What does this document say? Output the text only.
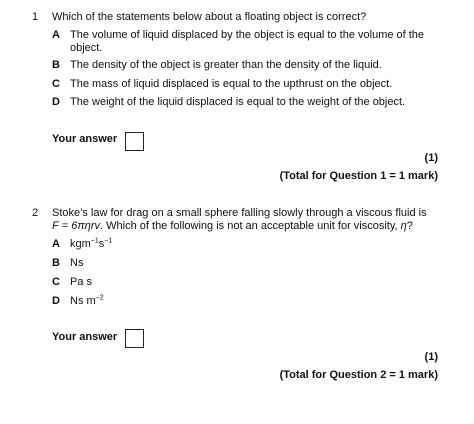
1 Which of the statements below about a floating object is correct?
A The volume of liquid displaced by the object is equal to the volume of the object.
B The density of the object is greater than the density of the liquid.
C The mass of liquid displaced is equal to the upthrust on the object.
D The weight of the liquid displaced is equal to the weight of the object.
Your answer
(1)
(Total for Question 1 = 1 mark)
2 Stoke’s law for drag on a small sphere falling slowly through a viscous fluid is
F = 6πηrv. Which of the following is not an acceptable unit for viscosity, η?
A $kgm^{-1}s^{-1}$
B Ns
C Pa s
D Ns $m^{-2}$
Your answer
(1)
(Total for Question 2 = 1 mark)
